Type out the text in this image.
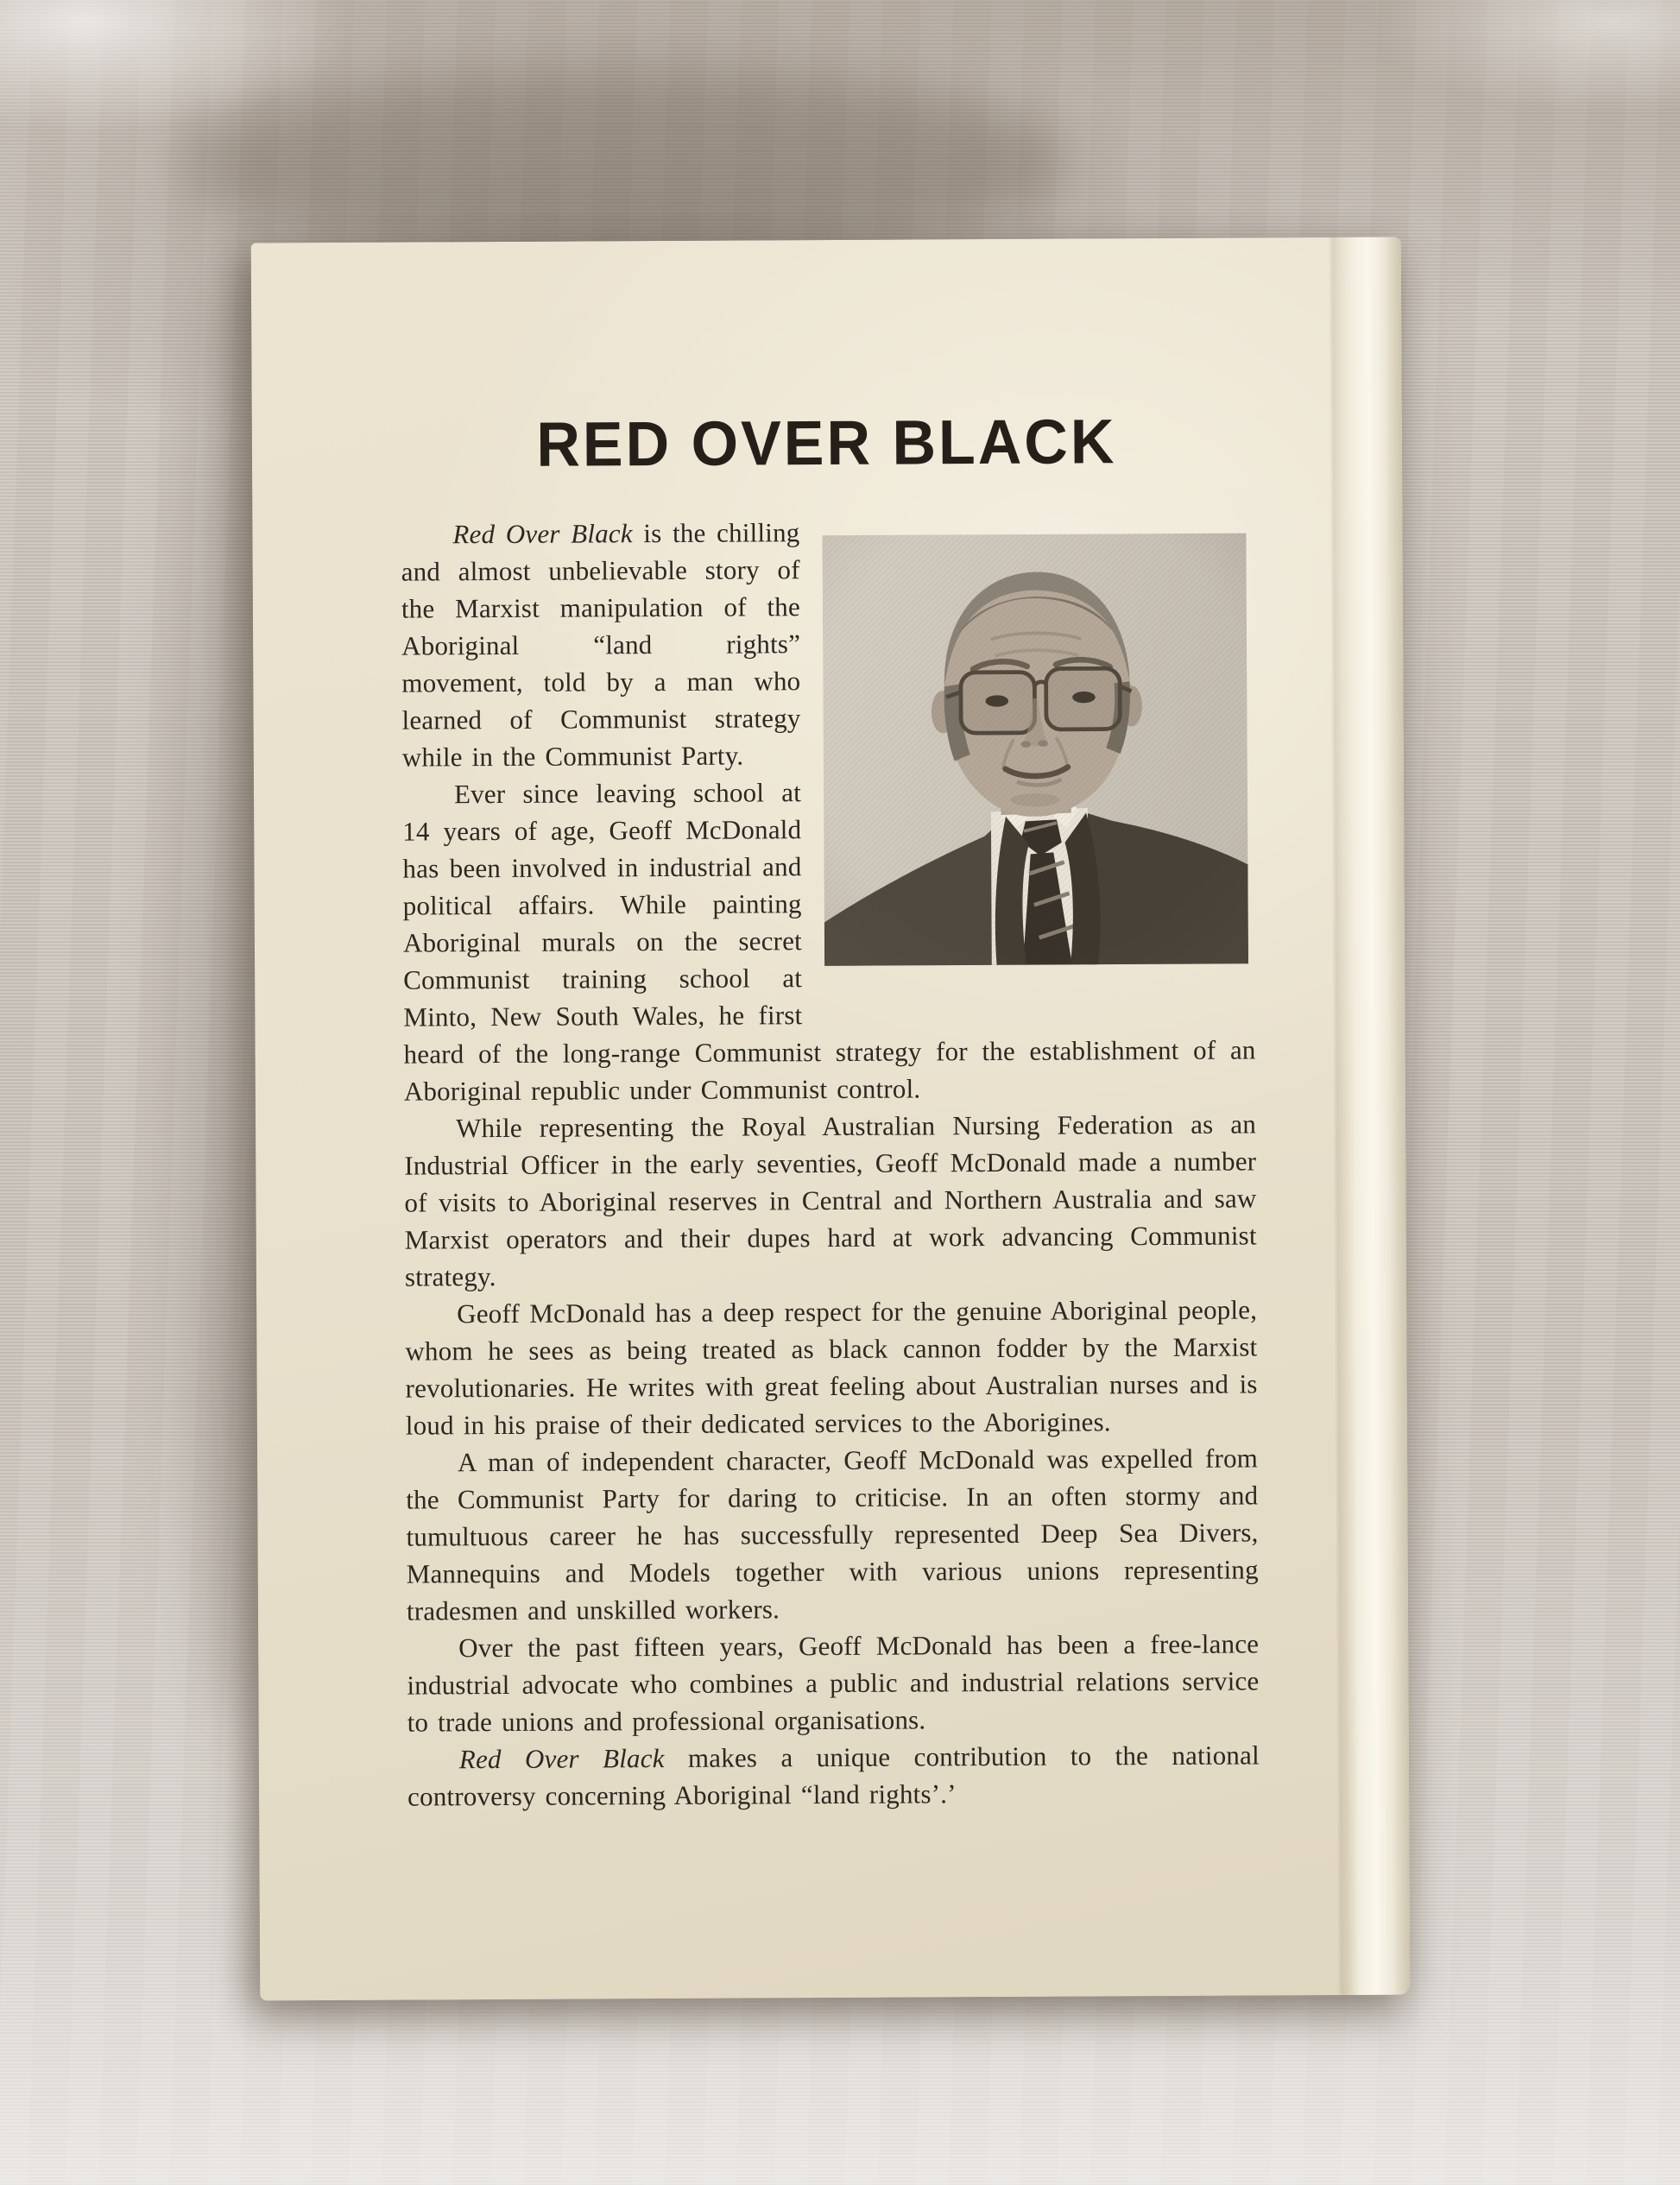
RED OVER BLACK

Red Over Black is the chilling and almost unbelievable story of the Marxist manipulation of the Aboriginal “land rights” movement, told by a man who learned of Communist strategy while in the Communist Party.

Ever since leaving school at 14 years of age, Geoff McDonald has been involved in industrial and political affairs. While painting Aboriginal murals on the secret Communist training school at Minto, New South Wales, he first heard of the long-range Communist strategy for the establishment of an Aboriginal republic under Communist control.

While representing the Royal Australian Nursing Federation as an Industrial Officer in the early seventies, Geoff McDonald made a number of visits to Aboriginal reserves in Central and Northern Australia and saw Marxist operators and their dupes hard at work advancing Communist strategy.

Geoff McDonald has a deep respect for the genuine Aboriginal people, whom he sees as being treated as black cannon fodder by the Marxist revolutionaries. He writes with great feeling about Australian nurses and is loud in his praise of their dedicated services to the Aborigines.

A man of independent character, Geoff McDonald was expelled from the Communist Party for daring to criticise. In an often stormy and tumultuous career he has successfully represented Deep Sea Divers, Mannequins and Models together with various unions representing tradesmen and unskilled workers.

Over the past fifteen years, Geoff McDonald has been a free-lance industrial advocate who combines a public and industrial relations service to trade unions and professional organisations.

Red Over Black makes a unique contribution to the national controversy concerning Aboriginal “land rights’.’
